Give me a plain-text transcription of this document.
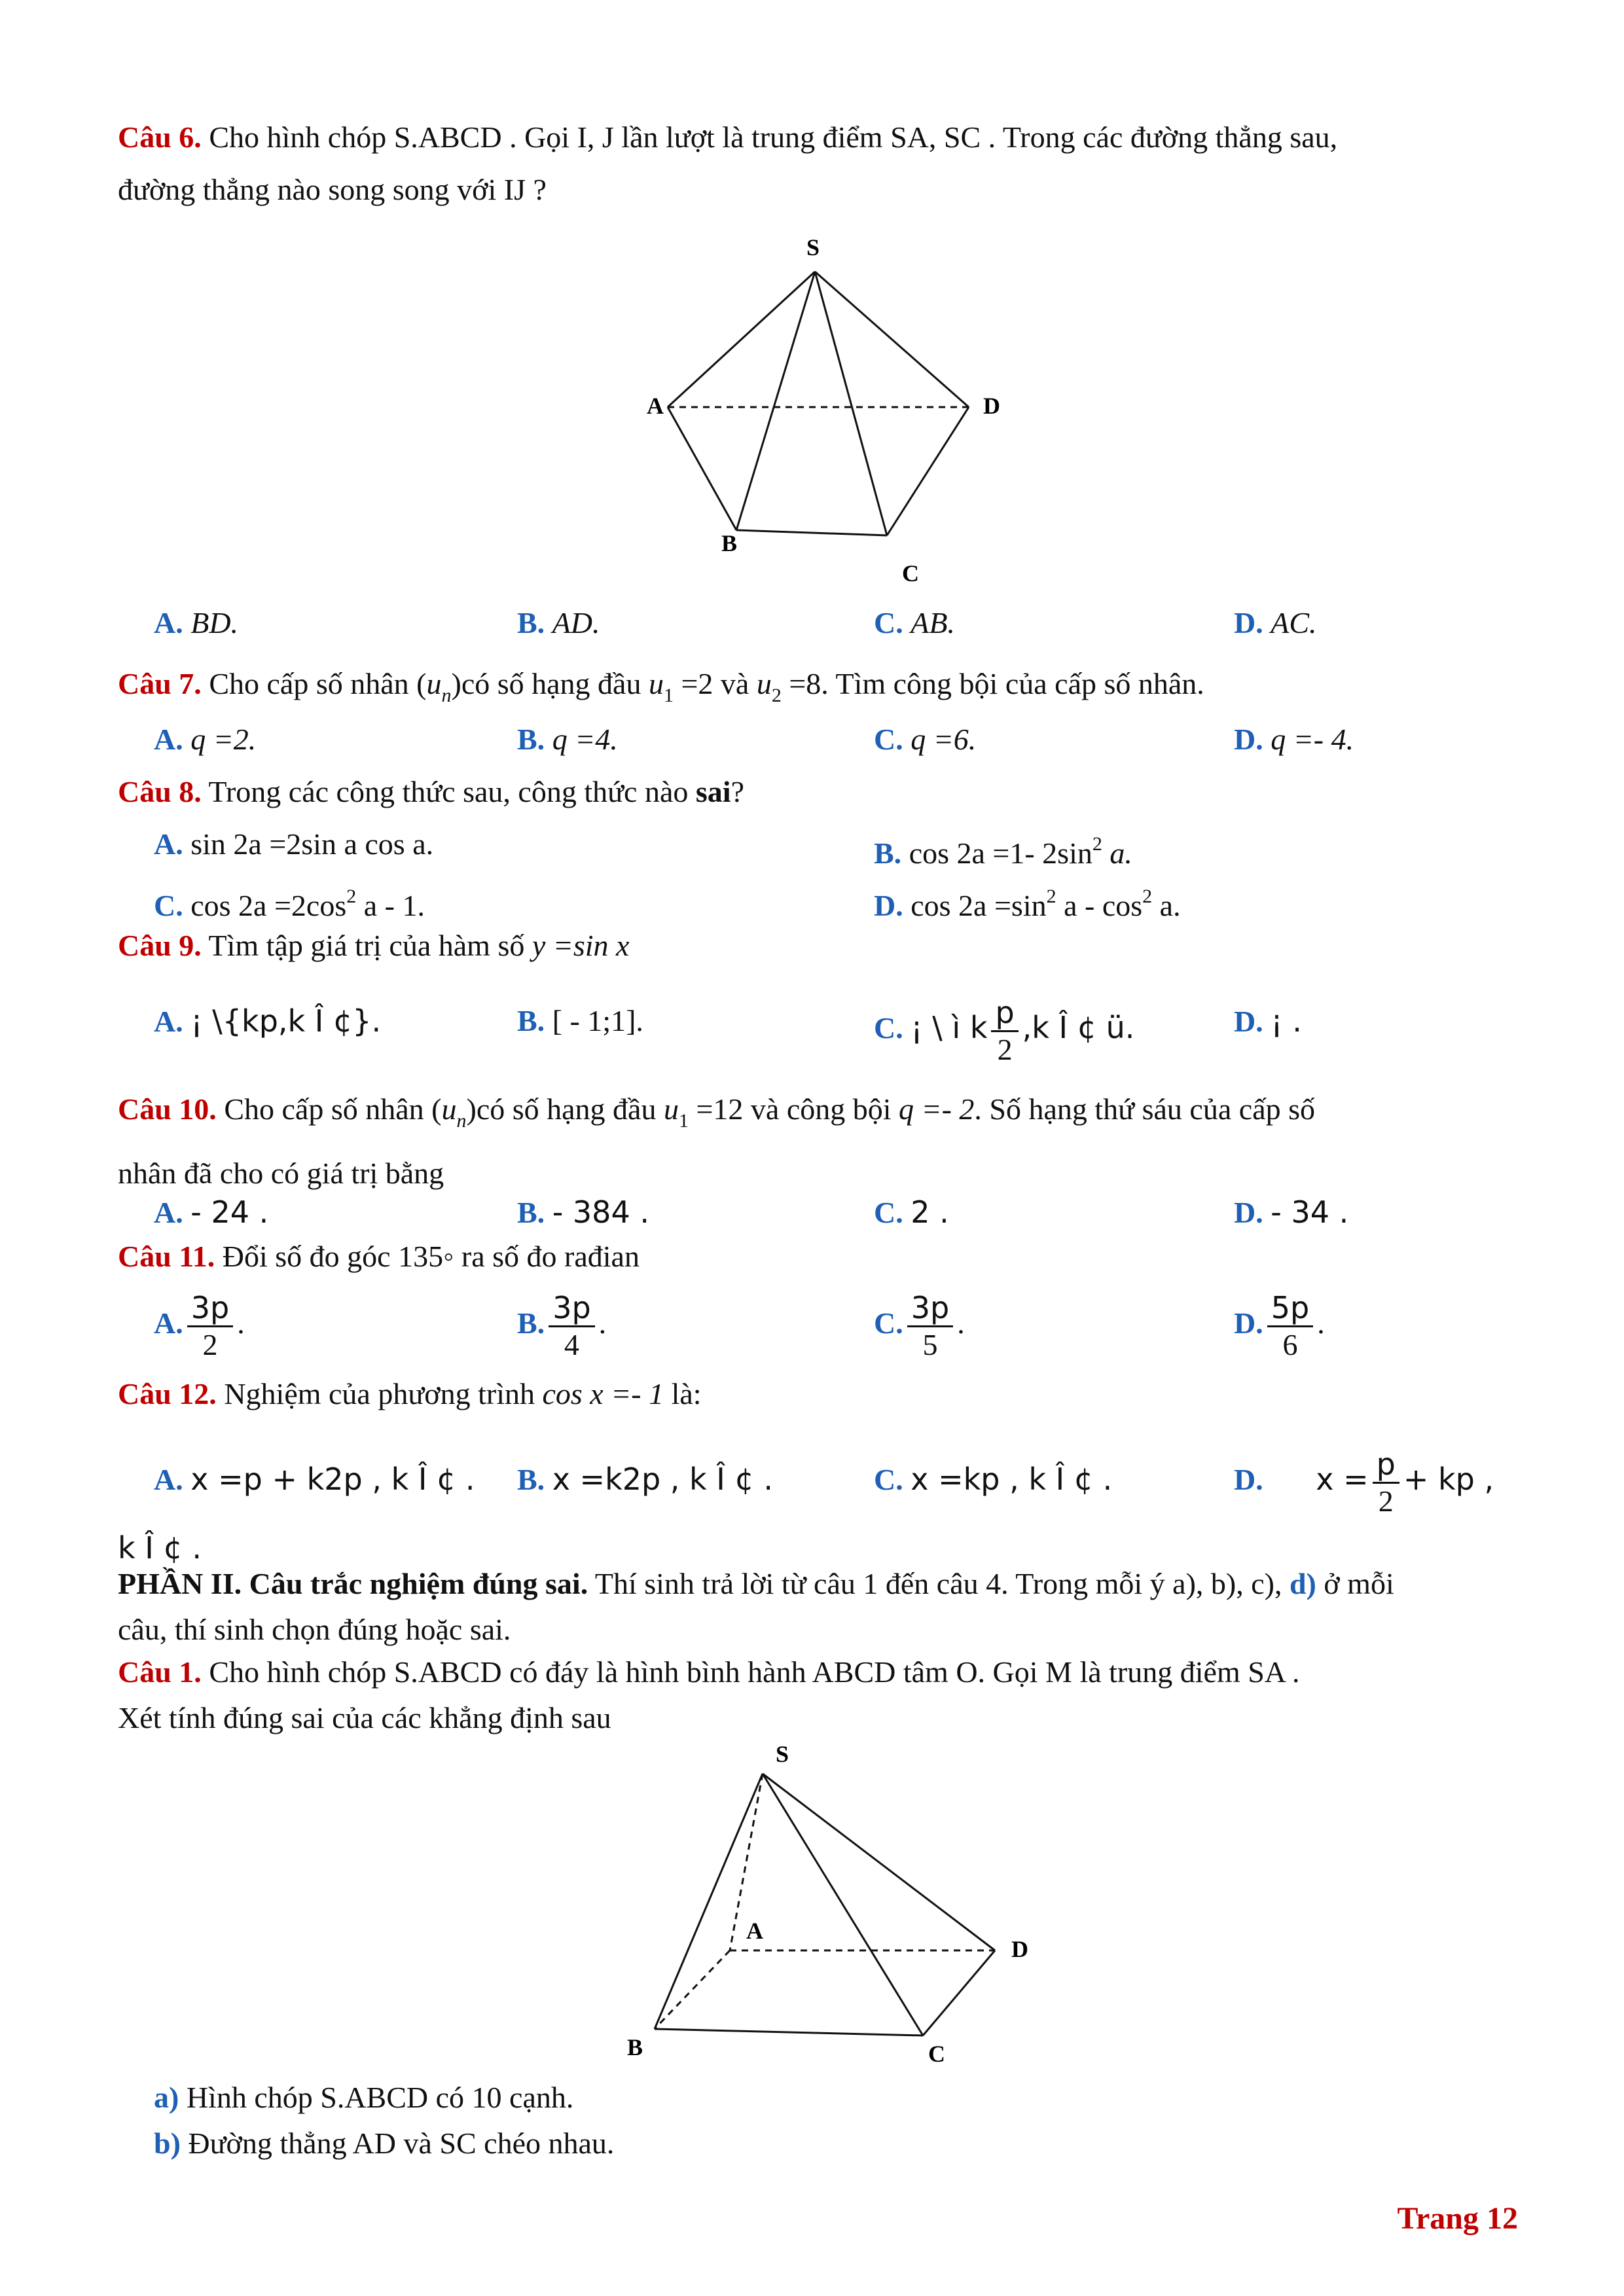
Câu 6. Cho hình chóp S.ABCD . Gọi I, J lần lượt là trung điểm SA, SC . Trong các đường thẳng sau,
đường thẳng nào song song với IJ ?
S
A
B
C
D
A. BD.	B. AD.	C. AB.	D. AC.
Câu 7. Cho cấp số nhân $(u_n)có$ số hạng đầu $u_1 =2$ và $u_2 =8$. Tìm công bội của cấp số nhân.
A. q =2.	B. q =4.	C. q =6.	D. q =- 4.
Câu 8. Trong các công thức sau, công thức nào sai?
A. sin 2a =2sin a cos a.	B. cos 2a =1- $2\sin^2$ a.
C. $\cos 2a =2\cos^2$ a - 1.	D. $\cos 2a =\sin^2$ a - $\cos^2 a$.
Câu 9. Tìm tập giá trị của hàm số y =sin x
A. ¡ \{kp,k Î ¢}.	B. [ - 1;1].	C. ¡ \ ì k $\frac{p}{2} ,k$ Î ¢ ü.	D. ¡ .
Câu 10. Cho cấp số nhân $(u_n)có$ số hạng đầu $u_1 =12$ và công bội q =- 2. Số hạng thứ sáu của cấp số
nhân đã cho có giá trị bằng
A. - 24 .	B. - 384 .	C. 2 .	D. - 34 .
Câu 11. Đổi số đo góc 135◦ ra số đo rađian
A. $\frac{3p}{2}$ .	B. $\frac{3p}{4}$ .	C. $\frac{3p}{5}$ .	D. $\frac{5p}{6}$ .
Câu 12. Nghiệm của phương trình cos x =- 1 là:
A. x =p + k2p , k Î ¢ . B. x =k2p , k Î ¢ .	C. x =kp , k Î ¢ .	D. $x = \frac{p}{2}$ + kp ,
k Î ¢ .
PHẦN II. Câu trắc nghiệm đúng sai. Thí sinh trả lời từ câu 1 đến câu 4. Trong mỗi ý a), b), c), d) ở mỗi
câu, thí sinh chọn đúng hoặc sai.
Câu 1. Cho hình chóp S.ABCD có đáy là hình bình hành ABCD tâm O. Gọi M là trung điểm SA .
Xét tính đúng sai của các khẳng định sau
S
A
B	C
D
a) Hình chóp S.ABCD có 10 cạnh.
b) Đường thẳng AD và SC chéo nhau.
Trang 12
